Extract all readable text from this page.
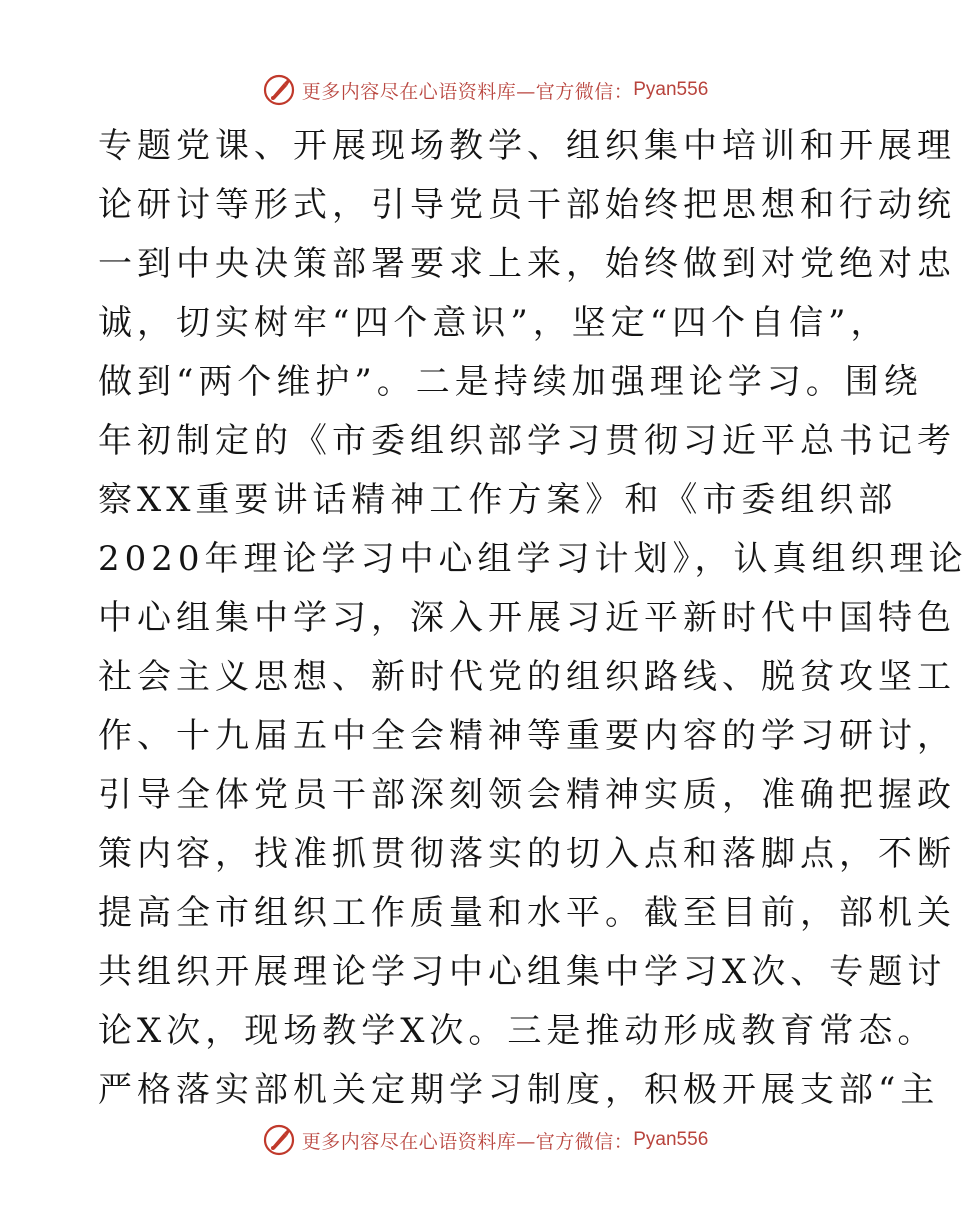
更多内容尽在心语资料库—官方微信： Pyan556
专题党课、开展现场教学、组织集中培训和开展理
论研讨等形式，引导党员干部始终把思想和行动统
一到中央决策部署要求上来，始终做到对党绝对忠
诚，切实树牢“四个意识”，坚定“四个自信”，
做到“两个维护”。二是持续加强理论学习。围绕
年初制定的《市委组织部学习贯彻习近平总书记考
察XX重要讲话精神工作方案》和《市委组织部
2020年理论学习中心组学习计划》，认真组织理论
中心组集中学习，深入开展习近平新时代中国特色
社会主义思想、新时代党的组织路线、脱贫攻坚工
作、十九届五中全会精神等重要内容的学习研讨，
引导全体党员干部深刻领会精神实质，准确把握政
策内容，找准抓贯彻落实的切入点和落脚点，不断
提高全市组织工作质量和水平。截至目前，部机关
共组织开展理论学习中心组集中学习X次、专题讨
论X次，现场教学X次。三是推动形成教育常态。
严格落实部机关定期学习制度，积极开展支部“主
更多内容尽在心语资料库—官方微信： Pyan556
